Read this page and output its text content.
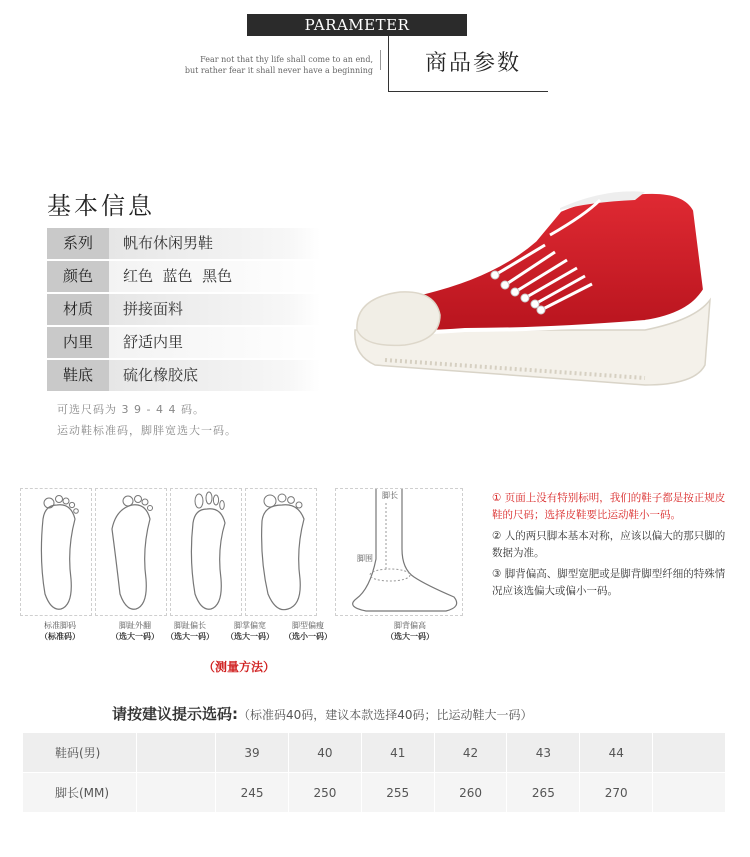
PARAMETER
Fear not that thy life shall come to an end,
but rather fear it shall never have a beginning	商品参数
基本信息
系列	帆布休闲男鞋
颜色	红色  蓝色  黑色
材质	拼接面料
内里	舒适内里
鞋底	硫化橡胶底
可选尺码为 3 9 - 4 4 码。
运动鞋标准码，脚胖宽选大一码。
标准脚码
（标准码）
脚趾外翻
（选大一码）
脚趾偏长
（选大一码）
脚掌偏宽
（选大一码）
脚型偏瘦
（选小一码）
脚长
脚围
脚背偏高
（选大一码）
（测量方法）
① 页面上没有特别标明，我们的鞋子都是按正规皮鞋的尺码；选择皮鞋要比运动鞋小一码。
② 人的两只脚本基本对称，应该以偏大的那只脚的数据为准。
③ 脚背偏高、脚型宽肥或是脚背脚型纤细的特殊情况应该选偏大或偏小一码。
请按建议提示选码:（标准码40码，建议本款选择40码；比运动鞋大一码）
鞋码(男)		39	40	41	42	43	44	
脚长(MM)		245	250	255	260	265	270	
